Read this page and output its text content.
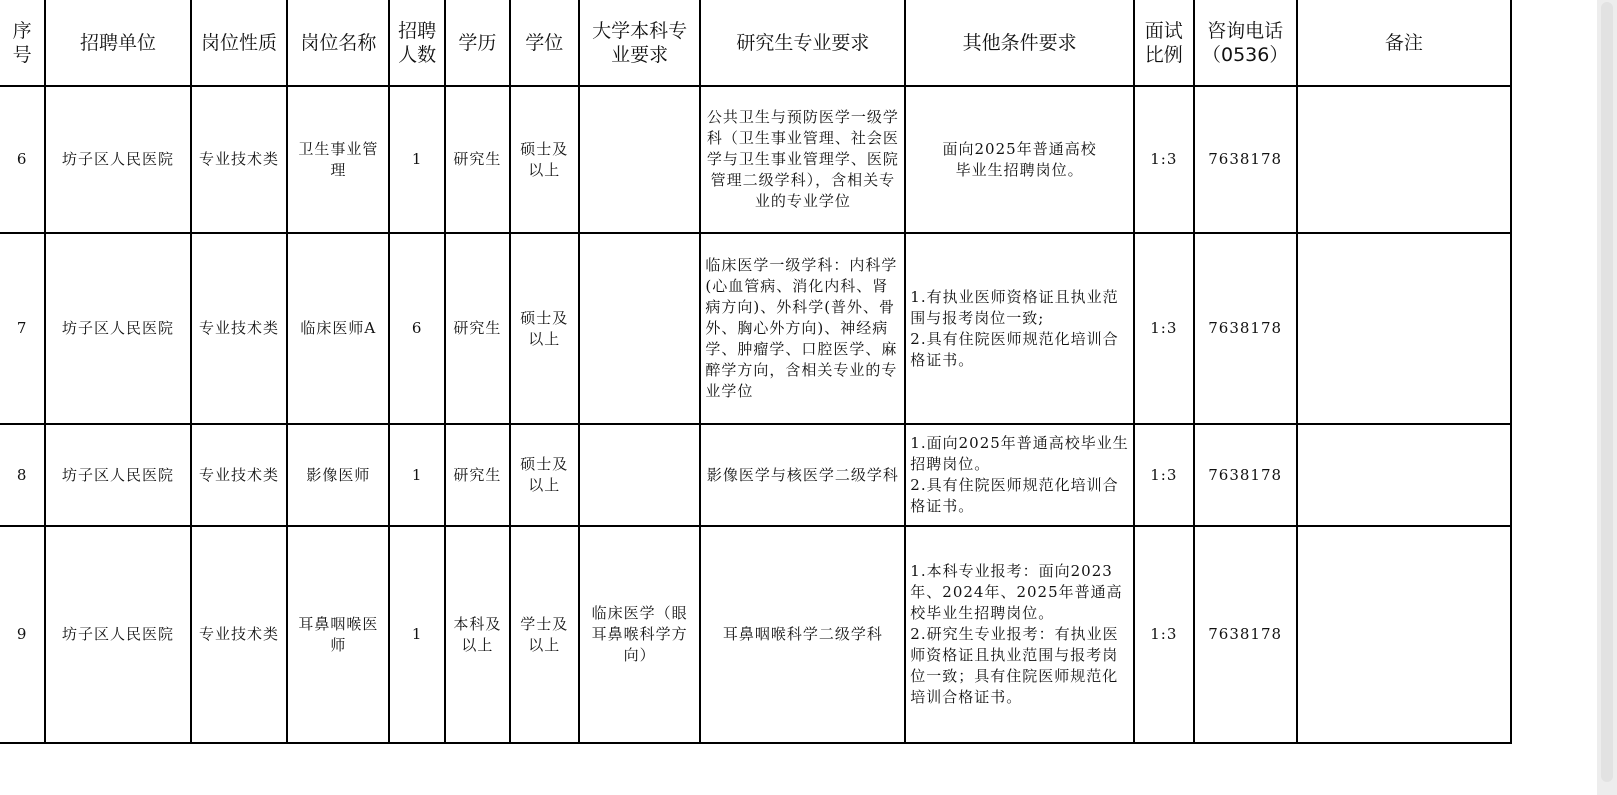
序号	招聘单位	岗位性质	岗位名称	招聘人数	学历	学位	大学本科专业要求	研究生专业要求	其他条件要求	面试比例	咨询电话（0536）	备注
6	坊子区人民医院	专业技术类	卫生事业管理	1	研究生	硕士及以上		公共卫生与预防医学一级学科（卫生事业管理、社会医学与卫生事业管理学、医院管理二级学科），含相关专业的专业学位	面向2025年普通高校
毕业生招聘岗位。	1:3	7638178	
7	坊子区人民医院	专业技术类	临床医师A	6	研究生	硕士及以上		临床医学一级学科：内科学(心血管病、消化内科、肾病方向)、外科学(普外、骨外、胸心外方向)、神经病学、肿瘤学、口腔医学、麻醉学方向，含相关专业的专业学位	1.有执业医师资格证且执业范围与报考岗位一致;
2.具有住院医师规范化培训合格证书。	1:3	7638178	
8	坊子区人民医院	专业技术类	影像医师	1	研究生	硕士及以上		影像医学与核医学二级学科	1.面向2025年普通高校毕业生招聘岗位。
2.具有住院医师规范化培训合格证书。	1:3	7638178	
9	坊子区人民医院	专业技术类	耳鼻咽喉医师	1	本科及以上	学士及以上	临床医学（眼耳鼻喉科学方向）	耳鼻咽喉科学二级学科	1.本科专业报考：面向2023年、2024年、2025年普通高校毕业生招聘岗位。
2.研究生专业报考：有执业医师资格证且执业范围与报考岗位一致；具有住院医师规范化培训合格证书。	1:3	7638178	
